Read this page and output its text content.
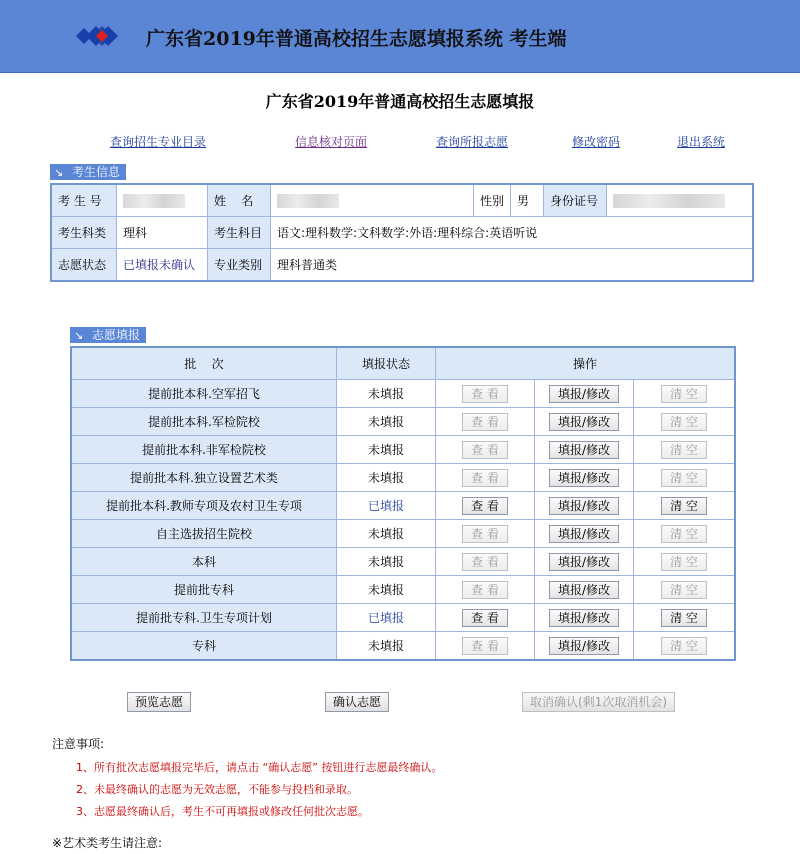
广东省2019年普通高校招生志愿填报系统 考生端
广东省2019年普通高校招生志愿填报
查询招生专业目录	信息核对页面	查询所报志愿	修改密码	退出系统
↘ 考生信息
考 生 号		姓    名		性别	男	身份证号	
考生科类	理科	考生科目	语文:理科数学:文科数学:外语:理科综合:英语听说				
志愿状态	已填报未确认	专业类别	理科普通类				
↘ 志愿填报
批    次	填报状态	操作		
提前批本科.空军招飞	未填报	查 看	填报/修改	清 空
提前批本科.军检院校	未填报	查 看	填报/修改	清 空
提前批本科.非军检院校	未填报	查 看	填报/修改	清 空
提前批本科.独立设置艺术类	未填报	查 看	填报/修改	清 空
提前批本科.教师专项及农村卫生专项	已填报	查 看	填报/修改	清 空
自主选拔招生院校	未填报	查 看	填报/修改	清 空
本科	未填报	查 看	填报/修改	清 空
提前批专科	未填报	查 看	填报/修改	清 空
提前批专科.卫生专项计划	已填报	查 看	填报/修改	清 空
专科	未填报	查 看	填报/修改	清 空
预览志愿	确认志愿	取消确认(剩1次取消机会)
注意事项:
1、所有批次志愿填报完毕后，请点击 “确认志愿” 按钮进行志愿最终确认。
2、未最终确认的志愿为无效志愿，不能参与投档和录取。
3、志愿最终确认后，考生不可再填报或修改任何批次志愿。
※艺术类考生请注意:
